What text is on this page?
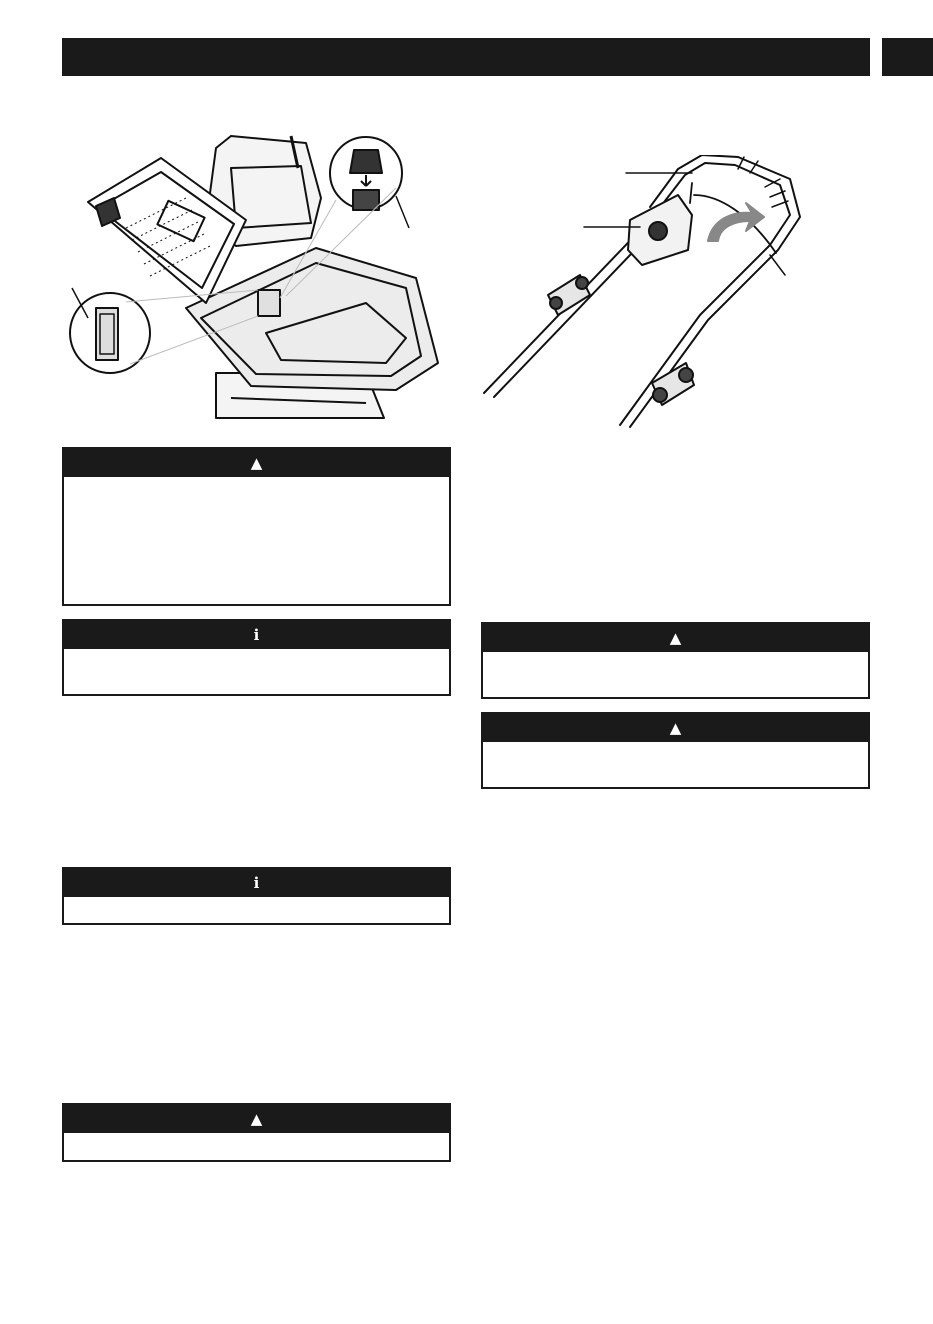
▲
i
i
▲
▲
▲
